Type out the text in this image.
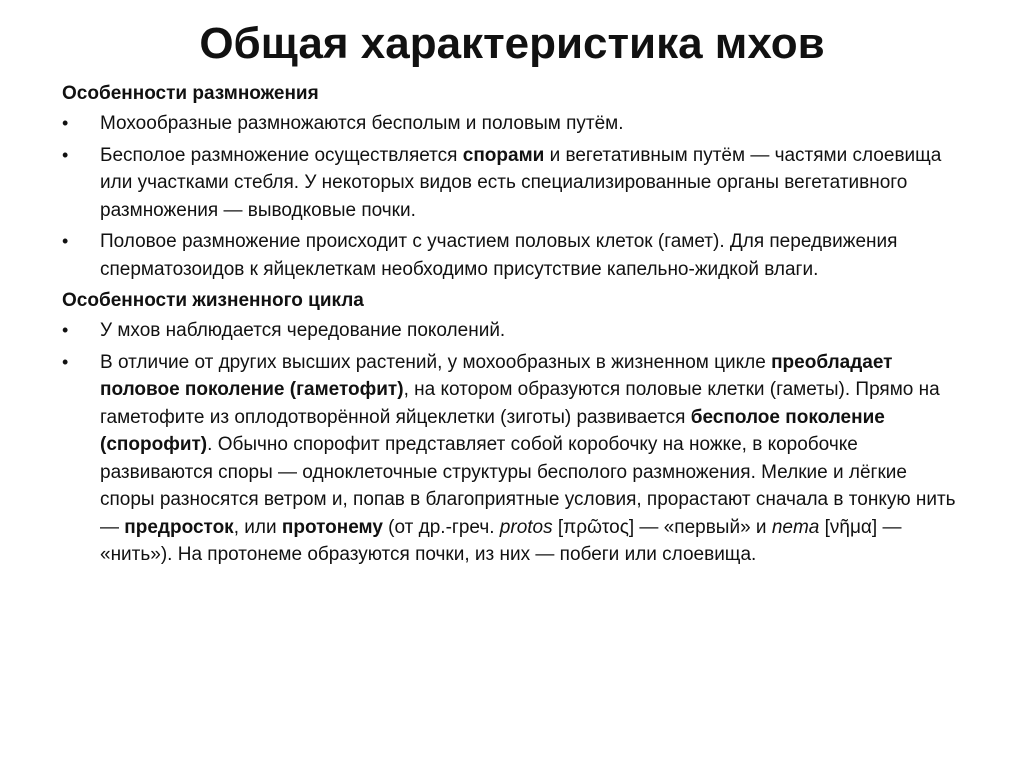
Общая характеристика мхов
Особенности размножения
• Мохообразные размножаются бесполым и половым путём.
• Бесполое размножение осуществляется спорами и вегетативным путём — частями слоевища или участками стебля. У некоторых видов есть специализированные органы вегетативного размножения — выводковые почки.
• Половое размножение происходит с участием половых клеток (гамет). Для передвижения сперматозоидов к яйцеклеткам необходимо присутствие капельно-жидкой влаги.
Особенности жизненного цикла
• У мхов наблюдается чередование поколений.
• В отличие от других высших растений, у мохообразных в жизненном цикле преобладает половое поколение (гаметофит), на котором образуются половые клетки (гаметы). Прямо на гаметофите из оплодотворённой яйцеклетки (зиготы) развивается бесполое поколение (спорофит). Обычно спорофит представляет собой коробочку на ножке, в коробочке развиваются споры — одноклеточные структуры бесполого размножения. Мелкие и лёгкие споры разносятся ветром и, попав в благоприятные условия, прорастают сначала в тонкую нить — предросток, или протонему (от др.-греч. protos [πρῶτος] — «первый» и nema [νῆμα] — «нить»). На протонеме образуются почки, из них — побеги или слоевища.
